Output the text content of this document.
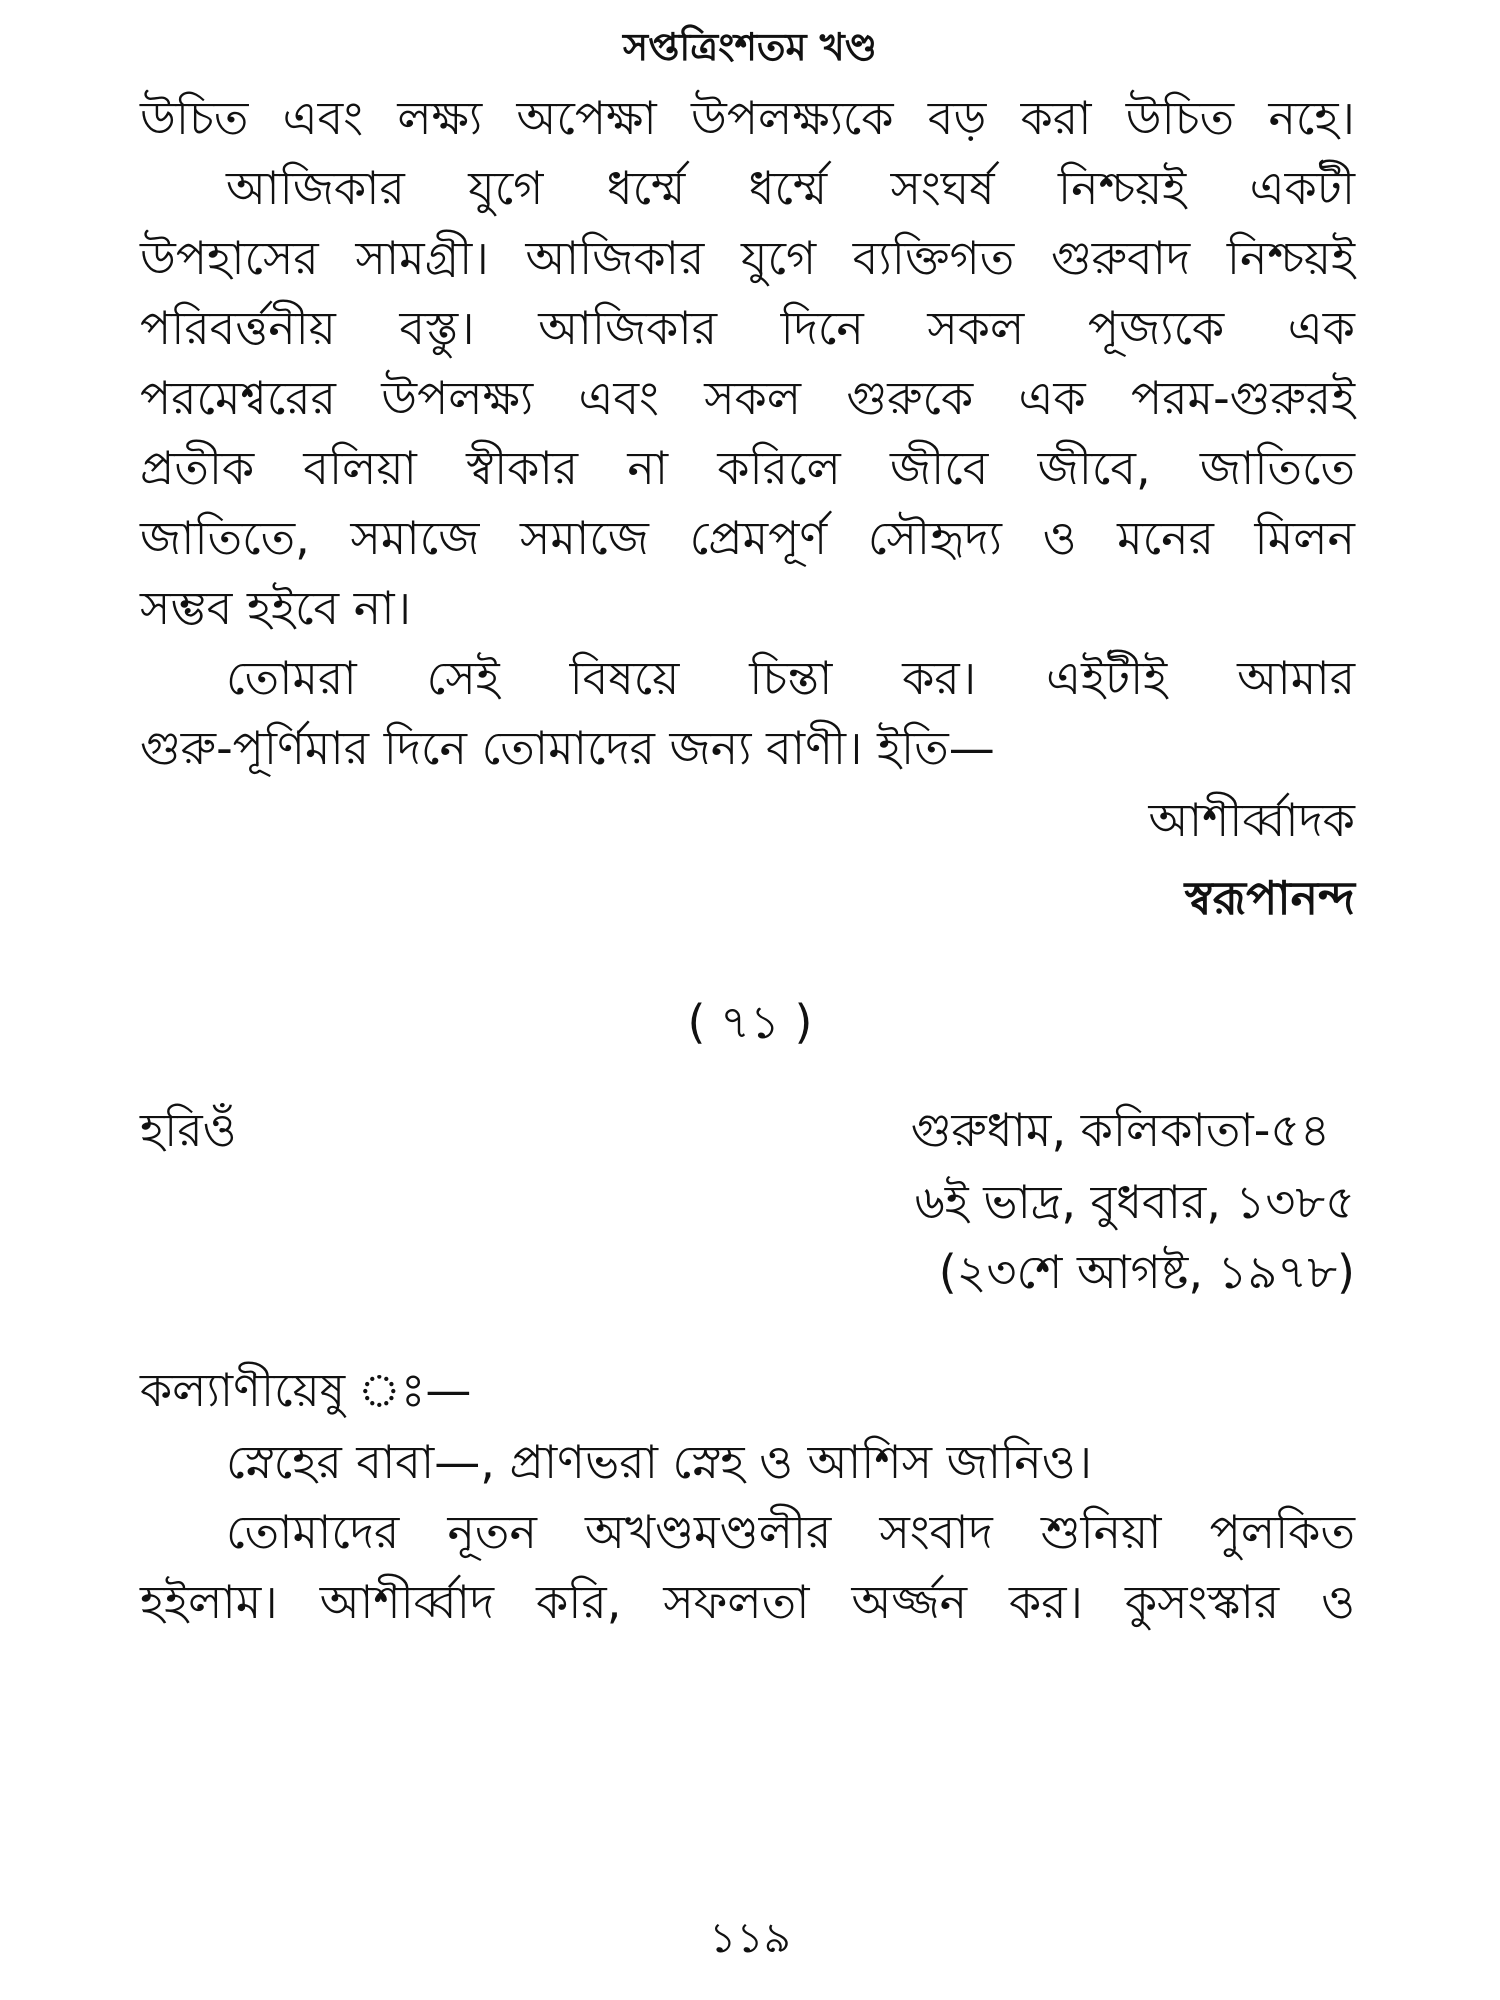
সপ্তত্রিংশতম খণ্ড
উচিত এবং লক্ষ্য অপেক্ষা উপলক্ষ্যকে বড় করা উচিত নহে।
আজিকার যুগে ধর্ম্মে ধর্ম্মে সংঘর্ষ নিশ্চয়ই একটী
উপহাসের সামগ্রী। আজিকার যুগে ব্যক্তিগত গুরুবাদ নিশ্চয়ই
পরিবর্ত্তনীয় বস্তু। আজিকার দিনে সকল পূজ্যকে এক
পরমেশ্বরের উপলক্ষ্য এবং সকল গুরুকে এক পরম-গুরুরই
প্রতীক বলিয়া স্বীকার না করিলে জীবে জীবে, জাতিতে
জাতিতে, সমাজে সমাজে প্রেমপূর্ণ সৌহৃদ্য ও মনের মিলন
সম্ভব হইবে না।
তোমরা সেই বিষয়ে চিন্তা কর। এইটীই আমার
গুরু-পূর্ণিমার দিনে তোমাদের জন্য বাণী। ইতি—
আশীর্ব্বাদক
স্বরূপানন্দ
( ৭১ )
হরিওঁ	গুরুধাম, কলিকাতা-৫৪
৬ই ভাদ্র, বুধবার, ১৩৮৫
(২৩শে আগষ্ট, ১৯৭৮)
কল্যাণীয়েষু ঃ—
স্নেহের বাবা—, প্রাণভরা স্নেহ ও আশিস জানিও।
তোমাদের নূতন অখণ্ডমণ্ডলীর সংবাদ শুনিয়া পুলকিত
হইলাম। আশীর্ব্বাদ করি, সফলতা অর্জ্জন কর। কুসংস্কার ও
১১৯
